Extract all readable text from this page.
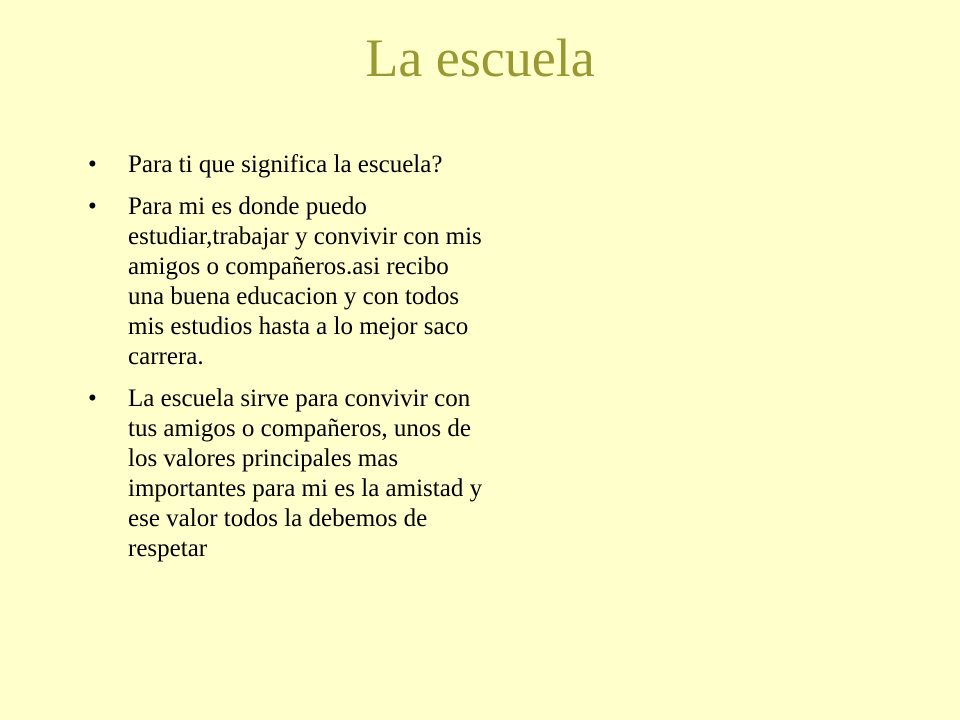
La escuela
•	Para ti que significa la escuela?
•	Para mi es donde puedo estudiar,trabajar y convivir con mis amigos o compañeros.asi recibo una buena educacion y con todos mis estudios hasta a lo mejor saco carrera.
•	La escuela sirve para convivir con tus amigos o compañeros, unos de los valores principales mas importantes para mi es la amistad y ese valor todos la debemos de respetar
